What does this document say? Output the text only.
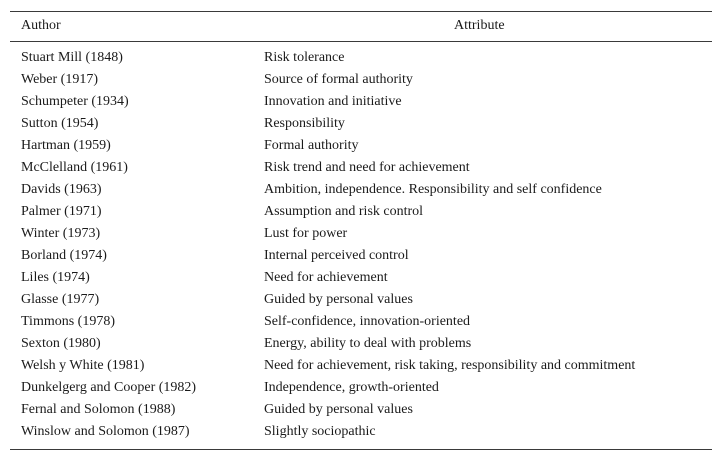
Author	Attribute
Stuart Mill (1848)	Risk tolerance
Weber (1917)	Source of formal authority
Schumpeter (1934)	Innovation and initiative
Sutton (1954)	Responsibility
Hartman (1959)	Formal authority
McClelland (1961)	Risk trend and need for achievement
Davids (1963)	Ambition, independence. Responsibility and self confidence
Palmer (1971)	Assumption and risk control
Winter (1973)	Lust for power
Borland (1974)	Internal perceived control
Liles (1974)	Need for achievement
Glasse (1977)	Guided by personal values
Timmons (1978)	Self-confidence, innovation-oriented
Sexton (1980)	Energy, ability to deal with problems
Welsh y White (1981)	Need for achievement, risk taking, responsibility and commitment
Dunkelgerg and Cooper (1982)	Independence, growth-oriented
Fernal and Solomon (1988)	Guided by personal values
Winslow and Solomon (1987)	Slightly sociopathic
